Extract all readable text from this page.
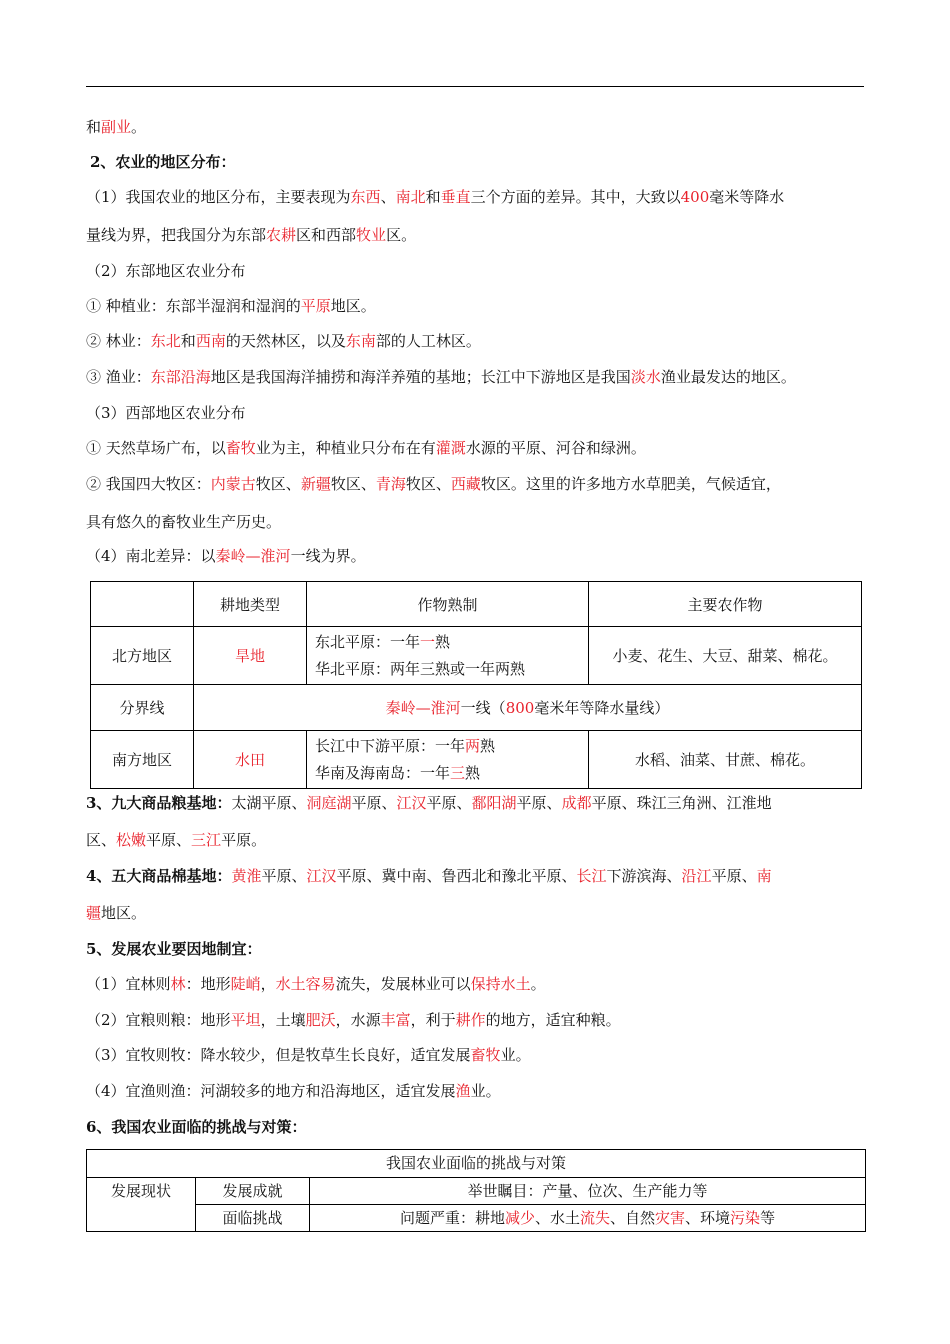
和副业。
2、农业的地区分布：
（1）我国农业的地区分布，主要表现为东西、南北和垂直三个方面的差异。其中，大致以400毫米等降水
量线为界，把我国分为东部农耕区和西部牧业区。
（2）东部地区农业分布
① 种植业：东部半湿润和湿润的平原地区。
② 林业：东北和西南的天然林区，以及东南部的人工林区。
③ 渔业：东部沿海地区是我国海洋捕捞和海洋养殖的基地；长江中下游地区是我国淡水渔业最发达的地区。
（3）西部地区农业分布
① 天然草场广布，以畜牧业为主，种植业只分布在有灌溉水源的平原、河谷和绿洲。
② 我国四大牧区：内蒙古牧区、新疆牧区、青海牧区、西藏牧区。这里的许多地方水草肥美，气候适宜，
具有悠久的畜牧业生产历史。
（4）南北差异：以秦岭—淮河一线为界。
	耕地类型	作物熟制	主要农作物
北方地区	旱地	东北平原：一年一熟
华北平原：两年三熟或一年两熟	小麦、花生、大豆、甜菜、棉花。
分界线	秦岭—淮河一线（800毫米年等降水量线）		
南方地区	水田	长江中下游平原：一年两熟
华南及海南岛：一年三熟	水稻、油菜、甘蔗、棉花。
3、九大商品粮基地：太湖平原、洞庭湖平原、江汉平原、鄱阳湖平原、成都平原、珠江三角洲、江淮地
区、松嫩平原、三江平原。
4、五大商品棉基地：黄淮平原、江汉平原、冀中南、鲁西北和豫北平原、长江下游滨海、沿江平原、南
疆地区。
5、发展农业要因地制宜：
（1）宜林则林：地形陡峭，水土容易流失，发展林业可以保持水土。
（2）宜粮则粮：地形平坦，土壤肥沃，水源丰富，利于耕作的地方，适宜种粮。
（3）宜牧则牧：降水较少，但是牧草生长良好，适宜发展畜牧业。
（4）宜渔则渔：河湖较多的地方和沿海地区，适宜发展渔业。
6、我国农业面临的挑战与对策：
我国农业面临的挑战与对策		
发展现状	发展成就	举世瞩目：产量、位次、生产能力等
	面临挑战	问题严重：耕地减少、水土流失、自然灾害、环境污染等
